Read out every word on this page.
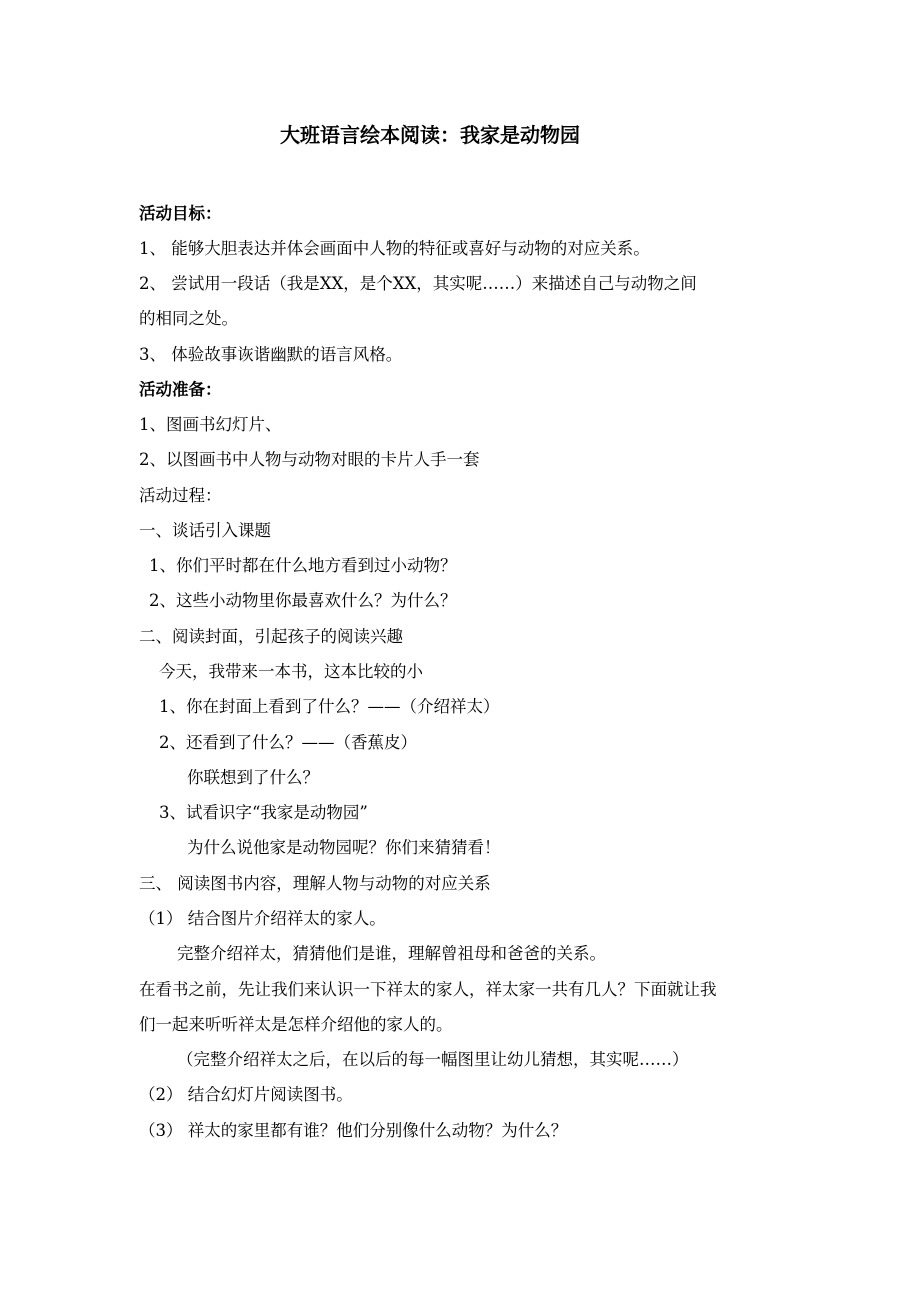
大班语言绘本阅读：我家是动物园
活动目标：
1、 能够大胆表达并体会画面中人物的特征或喜好与动物的对应关系。
2、 尝试用一段话（我是XX，是个XX，其实呢……）来描述自己与动物之间
的相同之处。
3、 体验故事诙谐幽默的语言风格。
活动准备：
1、图画书幻灯片、
2、以图画书中人物与动物对眼的卡片人手一套
活动过程：
一、谈话引入课题
1、你们平时都在什么地方看到过小动物？
2、这些小动物里你最喜欢什么？为什么？
二、阅读封面，引起孩子的阅读兴趣
今天，我带来一本书，这本比较的小
1、你在封面上看到了什么？——（介绍祥太）
2、还看到了什么？——（香蕉皮）
你联想到了什么？
3、试看识字“我家是动物园”
为什么说他家是动物园呢？你们来猜猜看！
三、 阅读图书内容，理解人物与动物的对应关系
（1） 结合图片介绍祥太的家人。
完整介绍祥太，猜猜他们是谁，理解曾祖母和爸爸的关系。
在看书之前，先让我们来认识一下祥太的家人，祥太家一共有几人？下面就让我
们一起来听听祥太是怎样介绍他的家人的。
（完整介绍祥太之后，在以后的每一幅图里让幼儿猜想，其实呢……）
（2） 结合幻灯片阅读图书。
（3） 祥太的家里都有谁？他们分别像什么动物？为什么？
